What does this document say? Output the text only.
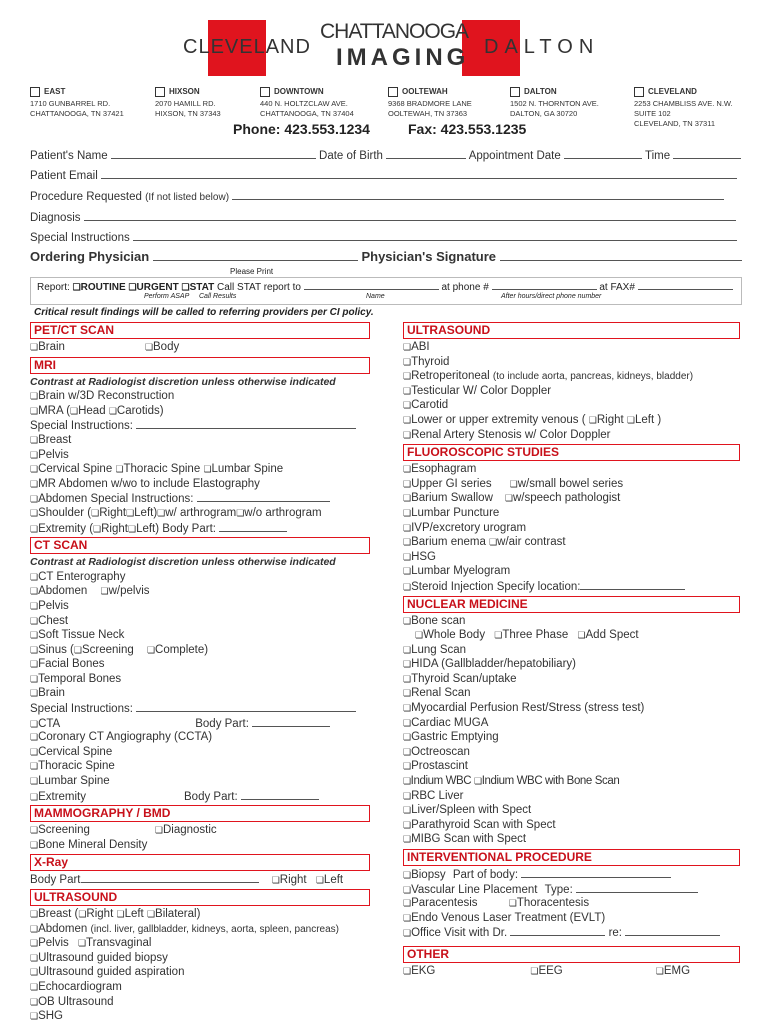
CLEVELAND
CHATTANOOGA
IMAGING DALTON
EAST
1710 GUNBARREL RD.
CHATTANOOGA, TN 37421
HIXSON
2070 HAMILL RD.
HIXSON, TN 37343
DOWNTOWN
440 N. HOLTZCLAW AVE.
CHATTANOOGA, TN 37404
OOLTEWAH
9368 BRADMORE LANE
OOLTEWAH, TN 37363
DALTON
1502 N. THORNTON AVE.
DALTON, GA 30720
CLEVELAND
2253 CHAMBLISS AVE. N.W.
SUITE 102
CLEVELAND, TN 37311
Phone: 423.553.1234	Fax: 423.553.1235
Patient's Name	Date of Birth	Appointment Date	Time
Patient Email
Procedure Requested (If not listed below)
Diagnosis
Special Instructions
Ordering Physician	Physician's Signature
Please Print
Report: ❏ ROUTINE ❏ URGENT ❏ STAT Call STAT report to	at phone #	at FAX#
Perform ASAP Call Results	Name	After hours/direct phone number
Critical result findings will be called to referring providers per CI policy.
PET/CT SCAN
❏ Brain	❏ Body
MRI
Contrast at Radiologist discretion unless otherwise indicated
❏ Brain w/3D Reconstruction
❏ MRA ( ❏ Head ❏ Carotids)
Special Instructions:
❏ Breast
❏ Pelvis
❏ Cervical Spine ❏ Thoracic Spine ❏ Lumbar Spine
❏ MR Abdomen w/wo to include Elastography
❏ Abdomen Special Instructions:
❏ Shoulder ( ❏ Right ❏ Left) ❏ w/ arthrogram ❏ w/o arthrogram
❏ Extremity ( ❏ Right ❏ Left) Body Part:
CT SCAN
Contrast at Radiologist discretion unless otherwise indicated
❏ CT Enterography
❏ Abdomen ❏ w/pelvis
❏ Pelvis
❏ Chest
❏ Soft Tissue Neck
❏ Sinus ( ❏ Screening ❏ Complete)
❏ Facial Bones
❏ Temporal Bones
❏ Brain
Special Instructions:
❏ CTA	Body Part:
❏ Coronary CT Angiography (CCTA)
❏ Cervical Spine
❏ Thoracic Spine
❏ Lumbar Spine
❏ Extremity	Body Part:
MAMMOGRAPHY / BMD
❏ Screening	❏ Diagnostic
❏ Bone Mineral Density
X-Ray
Body Part	❏ Right ❏ Left
ULTRASOUND
❏ Breast ( ❏ Right ❏ Left ❏ Bilateral)
❏ Abdomen (incl. liver, gallbladder, kidneys, aorta, spleen, pancreas)
❏ Pelvis ❏ Transvaginal
❏ Ultrasound guided biopsy
❏ Ultrasound guided aspiration
❏ Echocardiogram
❏ OB Ultrasound
❏ SHG
ULTRASOUND
❏ ABI
❏ Thyroid
❏ Retroperitoneal (to include aorta, pancreas, kidneys, bladder)
❏ Testicular W/ Color Doppler
❏ Carotid
❏ Lower or upper extremity venous ( ❏ Right ❏ Left )
❏ Renal Artery Stenosis w/ Color Doppler
FLUOROSCOPIC STUDIES
❏ Esophagram
❏ Upper GI series ❏ w/small bowel series
❏ Barium Swallow ❏ w/speech pathologist
❏ Lumbar Puncture
❏ IVP/excretory urogram
❏ Barium enema ❏ w/air contrast
❏ HSG
❏ Lumbar Myelogram
❏ Steroid Injection Specify location:
NUCLEAR MEDICINE
❏ Bone scan
❏ Whole Body ❏ Three Phase ❏ Add Spect
❏ Lung Scan
❏ HIDA (Gallbladder/hepatobiliary)
❏ Thyroid Scan/uptake
❏ Renal Scan
❏ Myocardial Perfusion Rest/Stress (stress test)
❏ Cardiac MUGA
❏ Gastric Emptying
❏ Octreoscan
❏ Prostascint
❏ Indium WBC ❏ Indium WBC with Bone Scan
❏ RBC Liver
❏ Liver/Spleen with Spect
❏ Parathyroid Scan with Spect
❏ MIBG Scan with Spect
INTERVENTIONAL PROCEDURE
❏ Biopsy Part of body:
❏ Vascular Line Placement Type:
❏ Paracentesis	❏ Thoracentesis
❏ Endo Venous Laser Treatment (EVLT)
❏ Office Visit with Dr.	re:
OTHER
❏ EKG	❏ EEG	❏ EMG
